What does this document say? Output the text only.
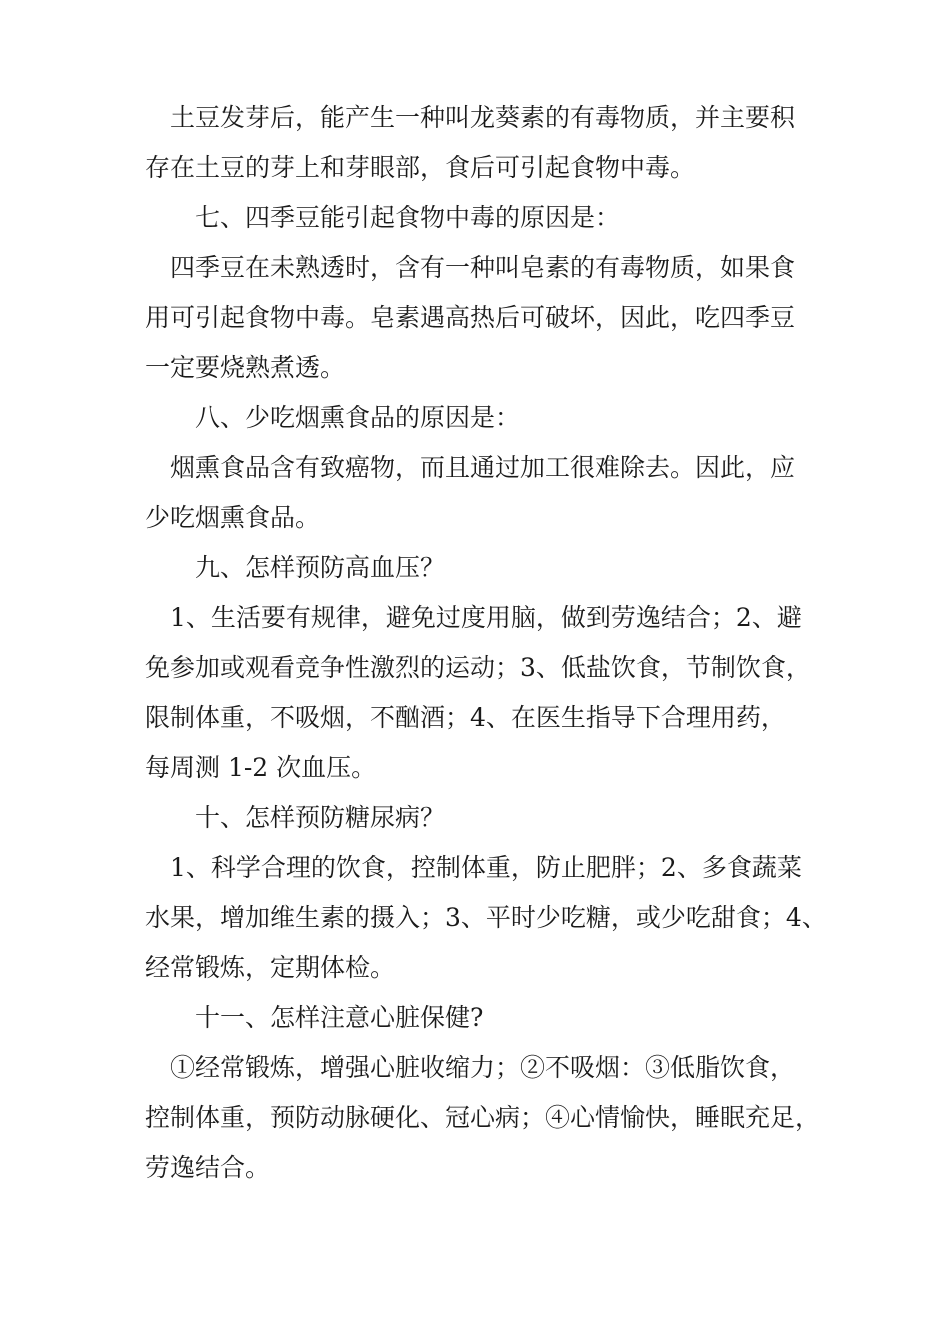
土豆发芽后，能产生一种叫龙葵素的有毒物质，并主要积
存在土豆的芽上和芽眼部，食后可引起食物中毒。
七、四季豆能引起食物中毒的原因是：
四季豆在未熟透时，含有一种叫皂素的有毒物质，如果食
用可引起食物中毒。皂素遇高热后可破坏，因此，吃四季豆
一定要烧熟煮透。
八、少吃烟熏食品的原因是：
烟熏食品含有致癌物，而且通过加工很难除去。因此，应
少吃烟熏食品。
九、怎样预防高血压？
1、生活要有规律，避免过度用脑，做到劳逸结合；2、避
免参加或观看竞争性激烈的运动；3、低盐饮食，节制饮食，
限制体重，不吸烟，不酗酒；4、在医生指导下合理用药，
每周测 1-2 次血压。
十、怎样预防糖尿病？
1、科学合理的饮食，控制体重，防止肥胖；2、多食蔬菜
水果，增加维生素的摄入；3、平时少吃糖，或少吃甜食；4、
经常锻炼，定期体检。
十一、怎样注意心脏保健?
①经常锻炼，增强心脏收缩力；②不吸烟：③低脂饮食，
控制体重，预防动脉硬化、冠心病；④心情愉快，睡眠充足，
劳逸结合。
